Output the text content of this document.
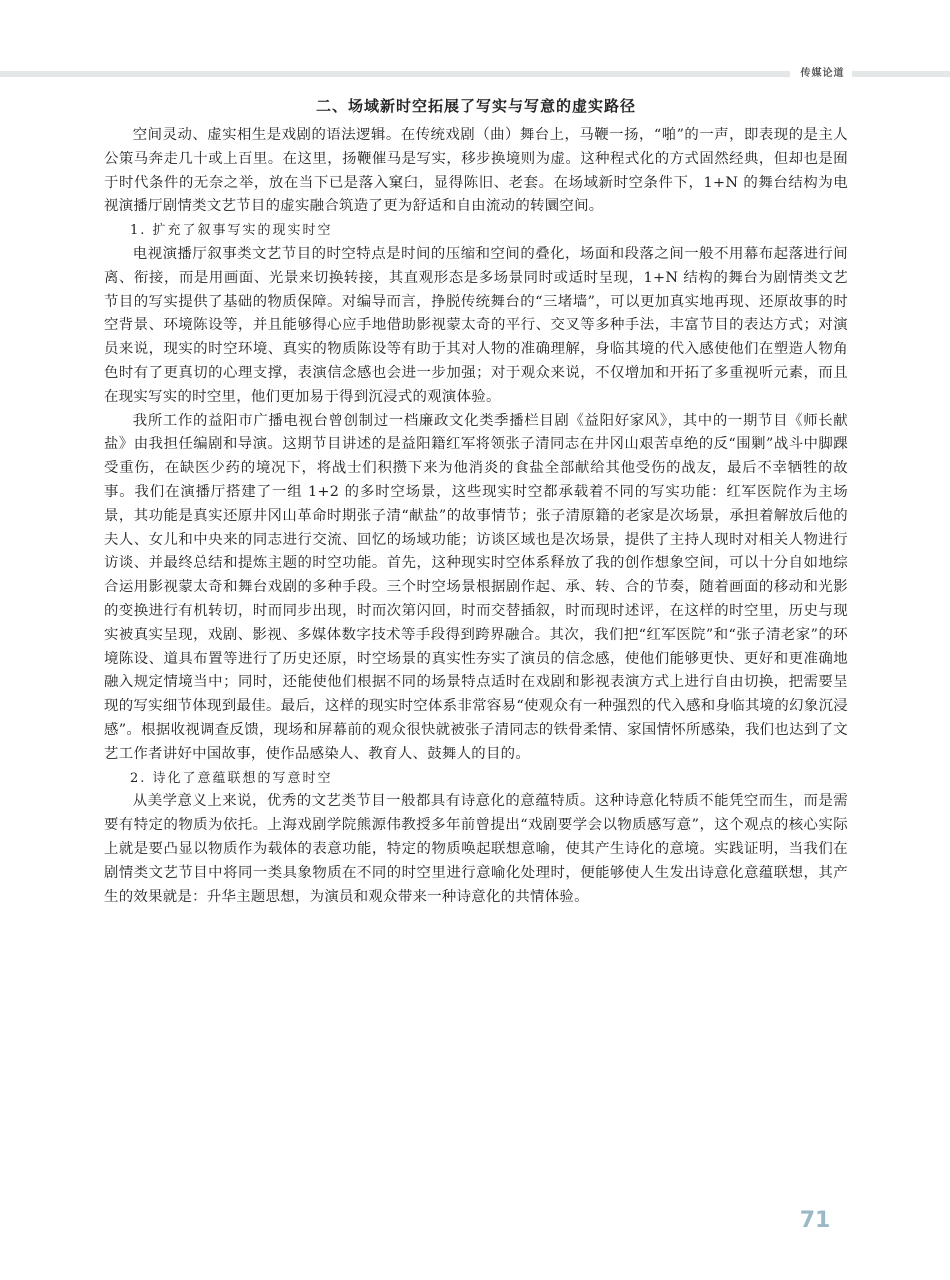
传媒论道
二、场域新时空拓展了写实与写意的虚实路径

空间灵动、虚实相生是戏剧的语法逻辑。在传统戏剧（曲）舞台上，马鞭一扬，“啪”的一声，即表现的是主人公策马奔走几十或上百里。在这里，扬鞭催马是写实，移步换境则为虚。这种程式化的方式固然经典，但却也是囿于时代条件的无奈之举，放在当下已是落入窠臼，显得陈旧、老套。在场域新时空条件下，1+N 的舞台结构为电视演播厅剧情类文艺节目的虚实融合筑造了更为舒适和自由流动的转圜空间。

1. 扩充了叙事写实的现实时空

电视演播厅叙事类文艺节目的时空特点是时间的压缩和空间的叠化，场面和段落之间一般不用幕布起落进行间离、衔接，而是用画面、光景来切换转接，其直观形态是多场景同时或适时呈现，1+N 结构的舞台为剧情类文艺节目的写实提供了基础的物质保障。对编导而言，挣脱传统舞台的“三堵墙”，可以更加真实地再现、还原故事的时空背景、环境陈设等，并且能够得心应手地借助影视蒙太奇的平行、交叉等多种手法，丰富节目的表达方式；对演员来说，现实的时空环境、真实的物质陈设等有助于其对人物的准确理解，身临其境的代入感使他们在塑造人物角色时有了更真切的心理支撑，表演信念感也会进一步加强；对于观众来说，不仅增加和开拓了多重视听元素，而且在现实写实的时空里，他们更加易于得到沉浸式的观演体验。

我所工作的益阳市广播电视台曾创制过一档廉政文化类季播栏目剧《益阳好家风》，其中的一期节目《师长献盐》由我担任编剧和导演。这期节目讲述的是益阳籍红军将领张子清同志在井冈山艰苦卓绝的反“围剿”战斗中脚踝受重伤，在缺医少药的境况下，将战士们积攒下来为他消炎的食盐全部献给其他受伤的战友，最后不幸牺牲的故事。我们在演播厅搭建了一组 1+2 的多时空场景，这些现实时空都承载着不同的写实功能：红军医院作为主场景，其功能是真实还原井冈山革命时期张子清“献盐”的故事情节；张子清原籍的老家是次场景，承担着解放后他的夫人、女儿和中央来的同志进行交流、回忆的场域功能；访谈区域也是次场景，提供了主持人现时对相关人物进行访谈、并最终总结和提炼主题的时空功能。首先，这种现实时空体系释放了我的创作想象空间，可以十分自如地综合运用影视蒙太奇和舞台戏剧的多种手段。三个时空场景根据剧作起、承、转、合的节奏，随着画面的移动和光影的变换进行有机转切，时而同步出现，时而次第闪回，时而交替插叙，时而现时述评，在这样的时空里，历史与现实被真实呈现，戏剧、影视、多媒体数字技术等手段得到跨界融合。其次，我们把“红军医院”和“张子清老家”的环境陈设、道具布置等进行了历史还原，时空场景的真实性夯实了演员的信念感，使他们能够更快、更好和更准确地融入规定情境当中；同时，还能使他们根据不同的场景特点适时在戏剧和影视表演方式上进行自由切换，把需要呈现的写实细节体现到最佳。最后，这样的现实时空体系非常容易“使观众有一种强烈的代入感和身临其境的幻象沉浸感”。根据收视调查反馈，现场和屏幕前的观众很快就被张子清同志的铁骨柔情、家国情怀所感染，我们也达到了文艺工作者讲好中国故事，使作品感染人、教育人、鼓舞人的目的。

2. 诗化了意蕴联想的写意时空

从美学意义上来说，优秀的文艺类节目一般都具有诗意化的意蕴特质。这种诗意化特质不能凭空而生，而是需要有特定的物质为依托。上海戏剧学院熊源伟教授多年前曾提出“戏剧要学会以物质感写意”，这个观点的核心实际上就是要凸显以物质作为载体的表意功能，特定的物质唤起联想意喻，使其产生诗化的意境。实践证明，当我们在剧情类文艺节目中将同一类具象物质在不同的时空里进行意喻化处理时，便能够使人生发出诗意化意蕴联想，其产生的效果就是：升华主题思想，为演员和观众带来一种诗意化的共情体验。

71
